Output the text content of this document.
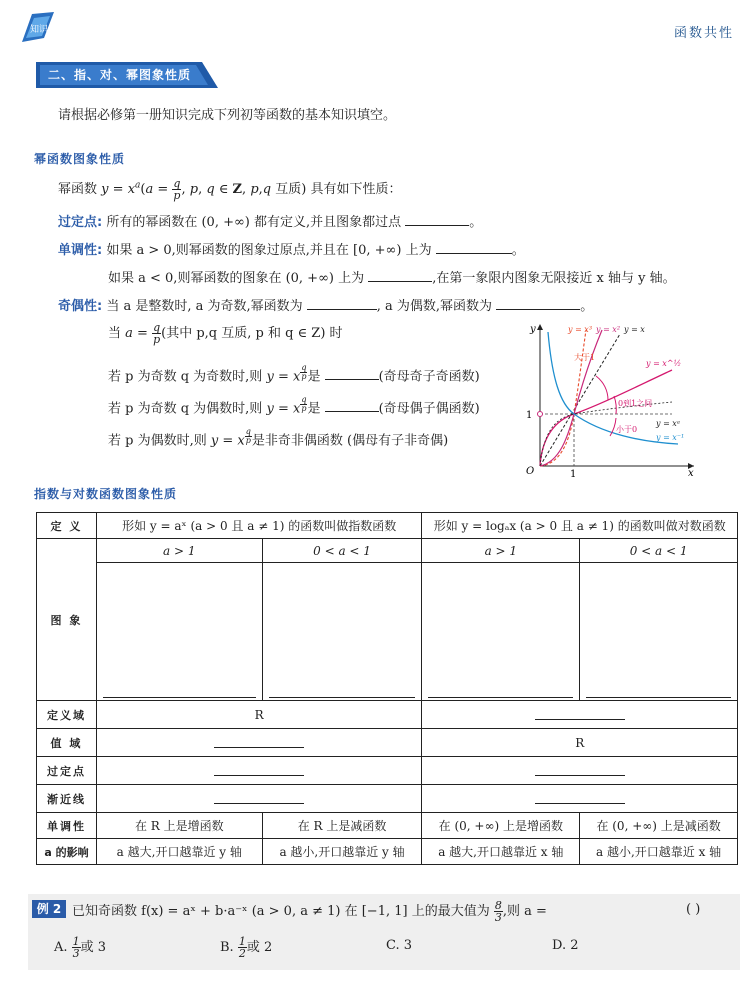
知识	函数共性
二、指、对、幂图象性质
请根据必修第一册知识完成下列初等函数的基本知识填空。
幂函数图象性质
幂函数 $y = x^a(a = \frac{q}{p}$ , p, q ∈ Z, p,q 互质) 具有如下性质：
过定点: 所有的幂函数在 (0, +∞) 都有定义,并且图象都过点	。
单调性: 如果 a > 0,则幂函数的图象过原点,并且在 [0, +∞) 上为	。
如果 a < 0,则幂函数的图象在 (0, +∞) 上为	,在第一象限内图象无限接近 x 轴与 y 轴。
奇偶性: 当 a 是整数时, a 为奇数,幂函数为	, a 为偶数,幂函数为	。
当 $a = \frac{q}{p}$ (其中 p,q 互质, p 和 q ∈ Z) 时
若 p 为奇数 q 为奇数时,则 y = x $^{\frac{q}{p}}$ 是	(奇母奇子奇函数)
若 p 为奇数 q 为偶数时,则 y = x $^{\frac{q}{p}}$ 是	(奇母偶子偶函数)
若 p 为偶数时,则 y = x $^{\frac{q}{p}}$ 是非奇非偶函数 (偶母有子非奇偶)
y
x
O	1
1
y = x³ y = x² y = x
y = x^½
大于1
0到1之间
小于0
y = xᵃ
y = x⁻¹
指数与对数函数图象性质
定 义	形如 y = aˣ (a > 0 且 a ≠ 1) 的函数叫做指数函数		形如 y = logₐx (a > 0 且 a ≠ 1) 的函数叫做对数函数	
图 象	a > 1	0 < a < 1	a > 1	0 < a < 1

定义域	R			
值 域			R	
过定点				
渐近线				
单调性	在 R 上是增函数	在 R 上是减函数	在 (0, +∞) 上是增函数	在 (0, +∞) 上是减函数
a 的影响	a 越大,开口越靠近 y 轴	a 越小,开口越靠近 y 轴	a 越大,开口越靠近 x 轴	a 越小,开口越靠近 x 轴
例 2 已知奇函数 f(x) = aˣ + b·a⁻ˣ (a > 0, a ≠ 1) 在 [−1, 1] 上的最大值为 $\frac{8}{3}$ ,则 a =	( )
A. $\frac{1}{3}$ 或 3	B. $\frac{1}{2}$ 或 2	C. 3	D. 2
